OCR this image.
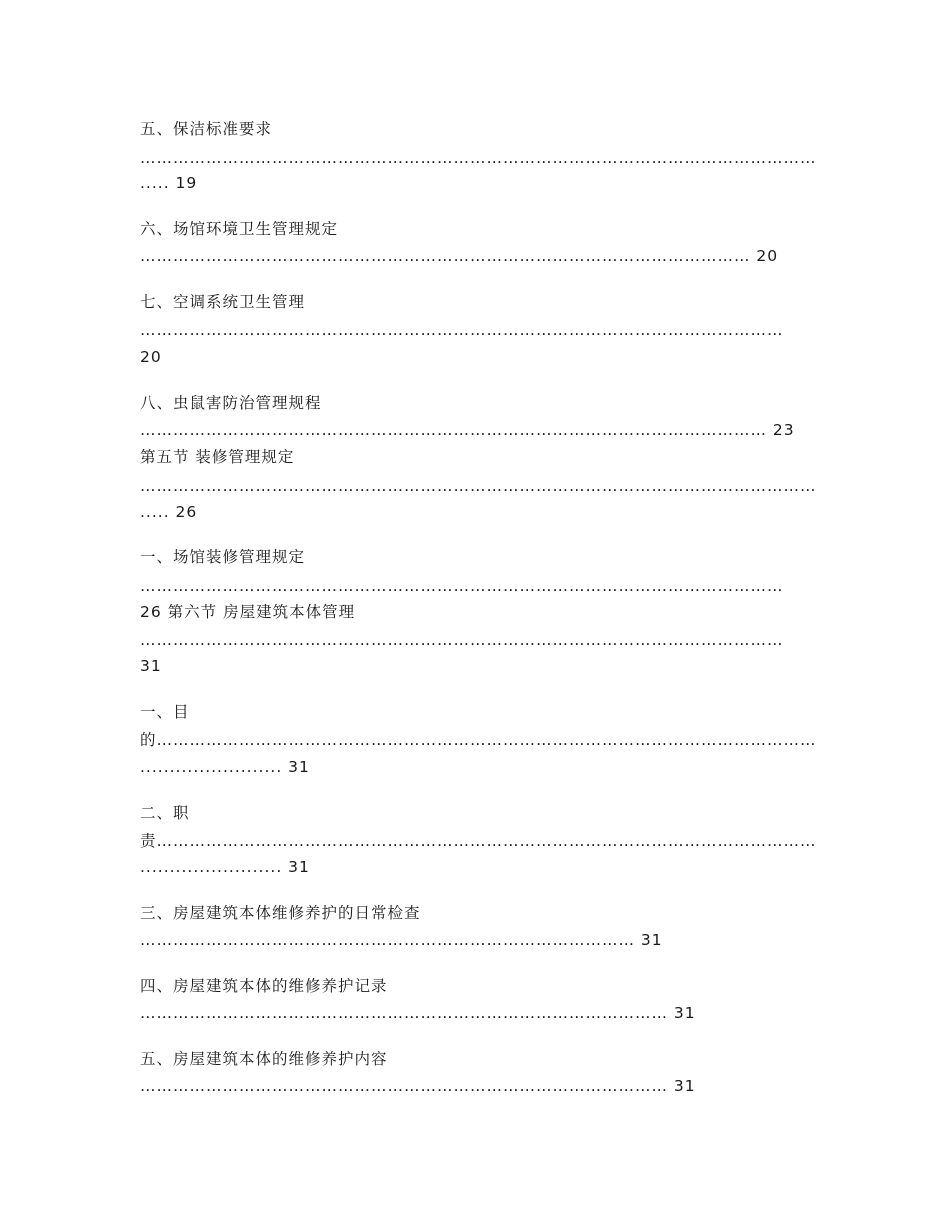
五、保洁标准要求
……………………………………………………………………………………………………………
..... 19
六、场馆环境卫生管理规定
………………………………………………………………………………………………… 20
七、空调系统卫生管理
………………………………………………………………………………………………………
20
八、虫鼠害防治管理规程
…………………………………………………………………………………………………… 23
第五节 装修管理规定
……………………………………………………………………………………………………………
..... 26
一、场馆装修管理规定
………………………………………………………………………………………………………
26 第六节 房屋建筑本体管理
………………………………………………………………………………………………………
31
一、目
的…………………………………………………………………………………………………………
........................ 31
二、职
责…………………………………………………………………………………………………………
........................ 31
三、房屋建筑本体维修养护的日常检查
……………………………………………………………………………… 31
四、房屋建筑本体的维修养护记录
…………………………………………………………………………………… 31
五、房屋建筑本体的维修养护内容
…………………………………………………………………………………… 31
